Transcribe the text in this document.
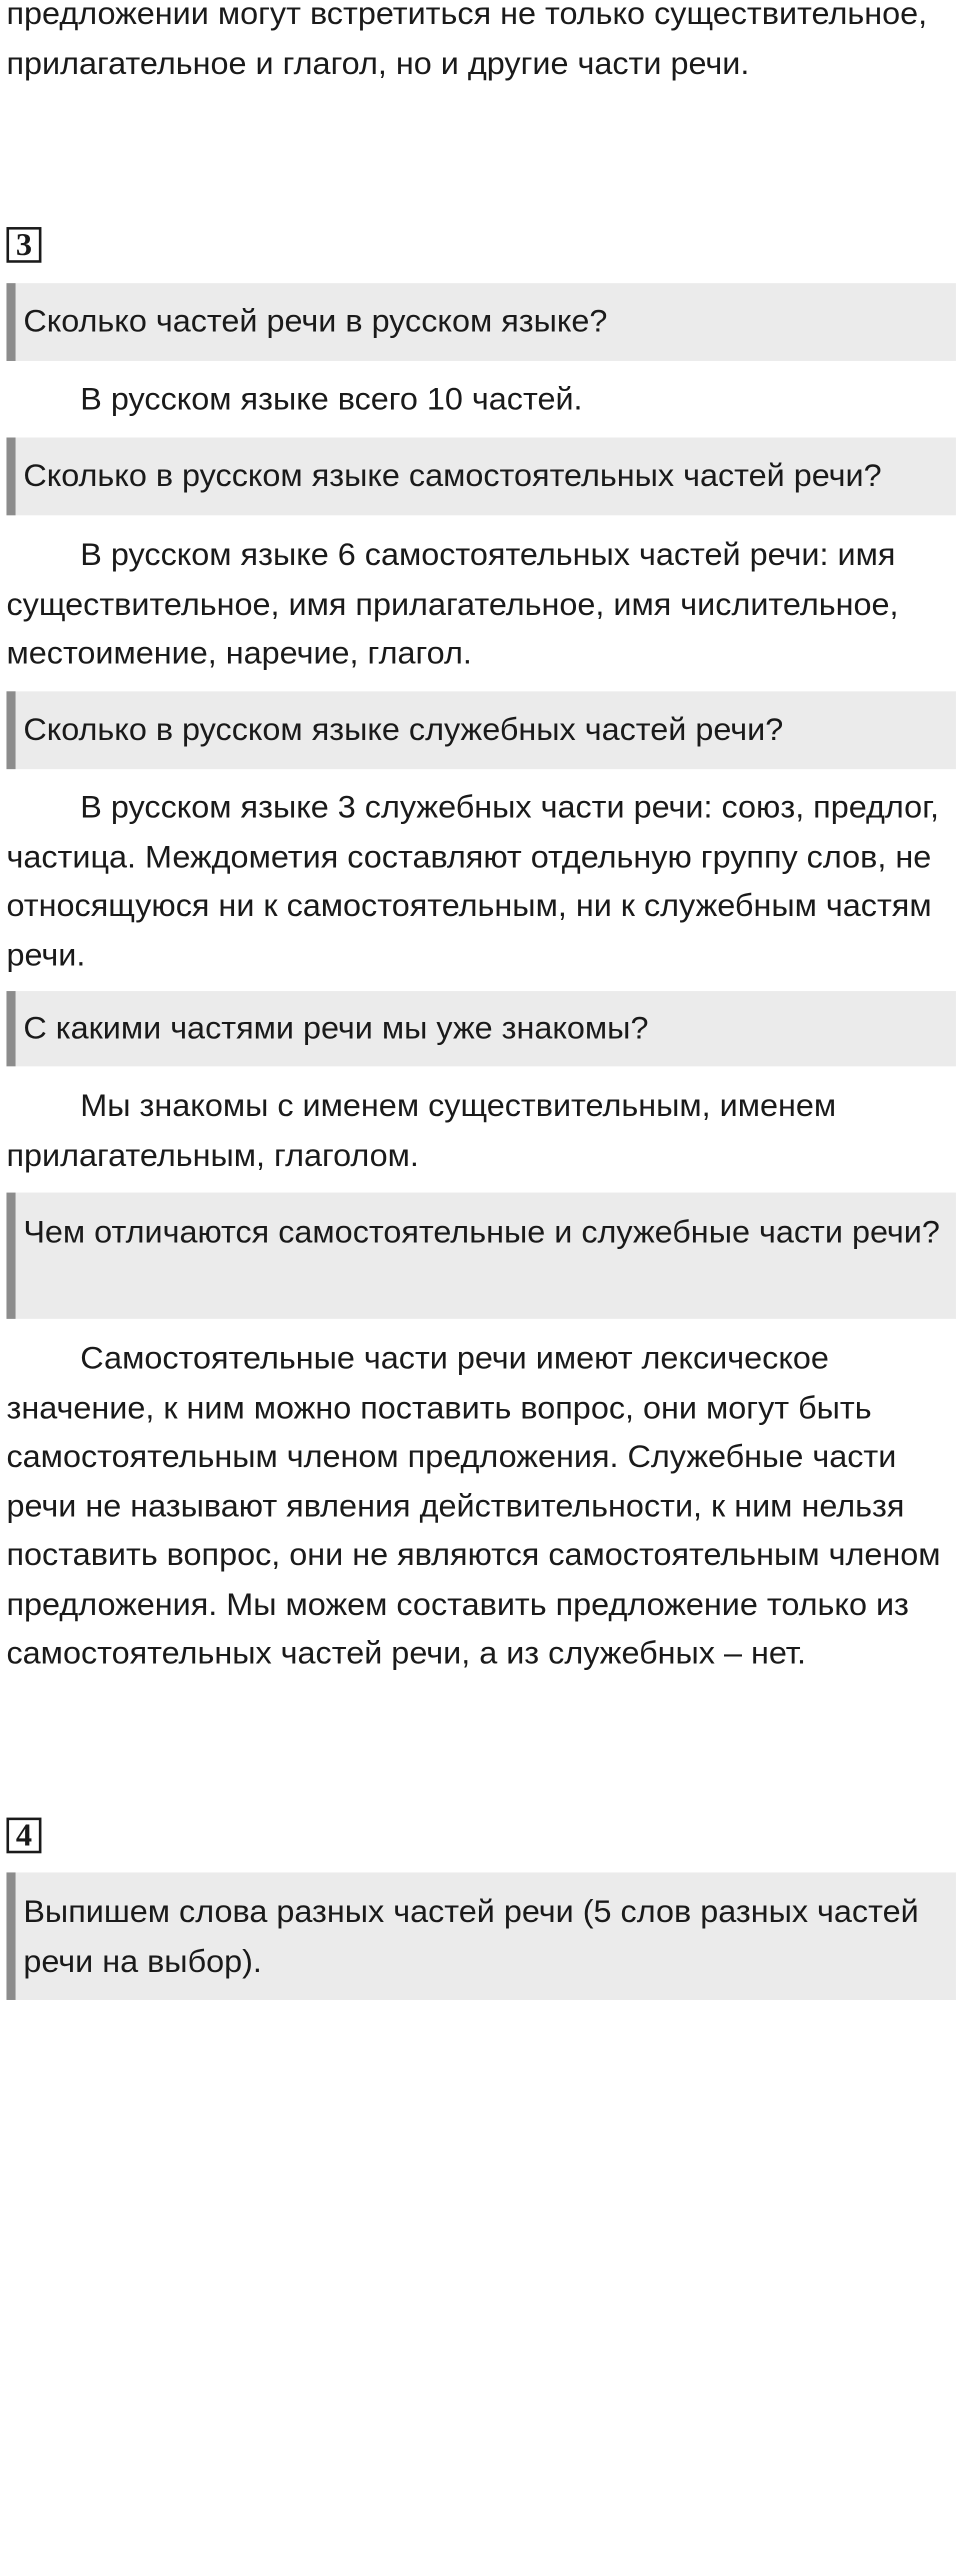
предложении могут встретиться не только существительное, прилагательное и глагол, но и другие части речи.

3
Сколько частей речи в русском языке?
В русском языке всего 10 частей.
Сколько в русском языке самостоятельных частей речи?
В русском языке 6 самостоятельных частей речи: имя существительное, имя прилагательное, имя числительное, местоимение, наречие, глагол.
Сколько в русском языке служебных частей речи?
В русском языке 3 служебных части речи: союз, предлог, частица. Междометия составляют отдельную группу слов, не относящуюся ни к самостоятельным, ни к служебным частям речи.
С какими частями речи мы уже знакомы?
Мы знакомы с именем существительным, именем прилагательным, глаголом.
Чем отличаются самостоятельные и служебные части речи?
Самостоятельные части речи имеют лексическое значение, к ним можно поставить вопрос, они могут быть самостоятельным членом предложения. Служебные части речи не называют явления действительности, к ним нельзя поставить вопрос, они не являются самостоятельным членом предложения. Мы можем составить предложение только из самостоятельных частей речи, а из служебных – нет.
4
Выпишем слова разных частей речи (5 слов разных частей речи на выбор).
